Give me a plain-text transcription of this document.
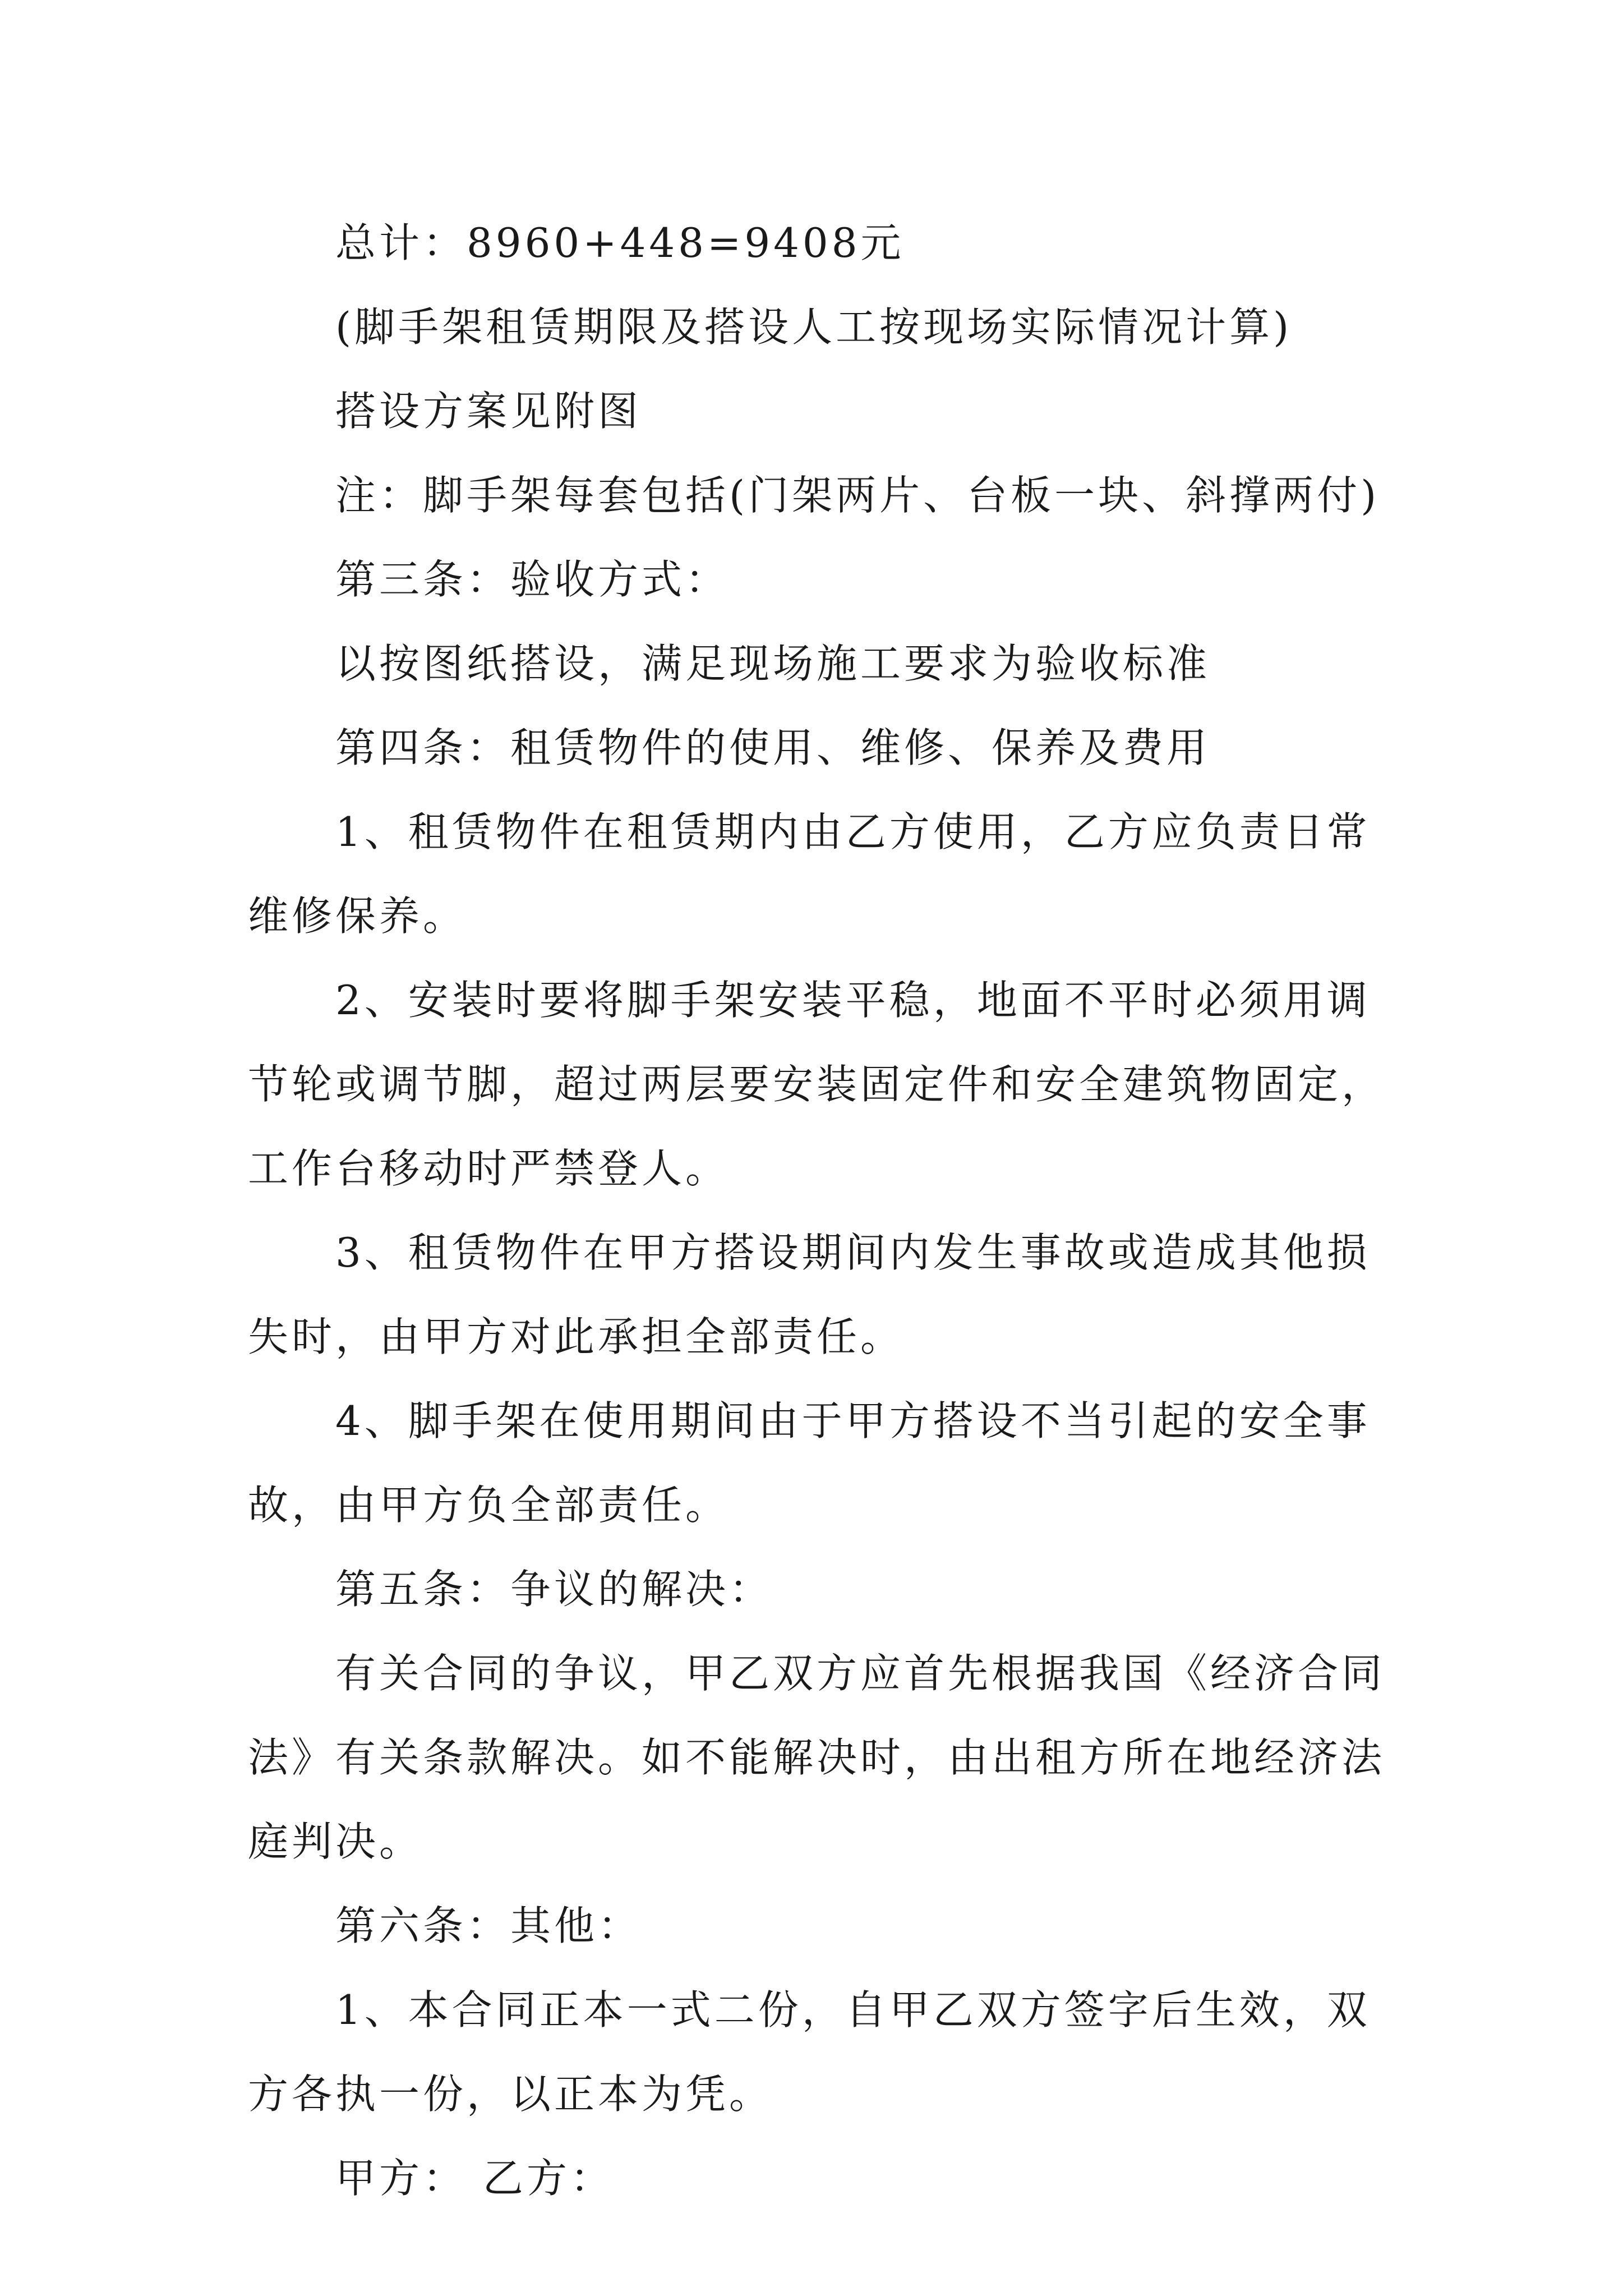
总计：8960+448=9408元
(脚手架租赁期限及搭设人工按现场实际情况计算)
搭设方案见附图
注：脚手架每套包括(门架两片、台板一块、斜撑两付)
第三条：验收方式：
以按图纸搭设，满足现场施工要求为验收标准
第四条：租赁物件的使用、维修、保养及费用
1、租赁物件在租赁期内由乙方使用，乙方应负责日常
维修保养。
2、安装时要将脚手架安装平稳，地面不平时必须用调
节轮或调节脚，超过两层要安装固定件和安全建筑物固定，
工作台移动时严禁登人。
3、租赁物件在甲方搭设期间内发生事故或造成其他损
失时，由甲方对此承担全部责任。
4、脚手架在使用期间由于甲方搭设不当引起的安全事
故，由甲方负全部责任。
第五条：争议的解决：
有关合同的争议，甲乙双方应首先根据我国《经济合同
法》有关条款解决。如不能解决时，由出租方所在地经济法
庭判决。
第六条：其他：
1、本合同正本一式二份，自甲乙双方签字后生效，双
方各执一份，以正本为凭。
甲方： 乙方：
